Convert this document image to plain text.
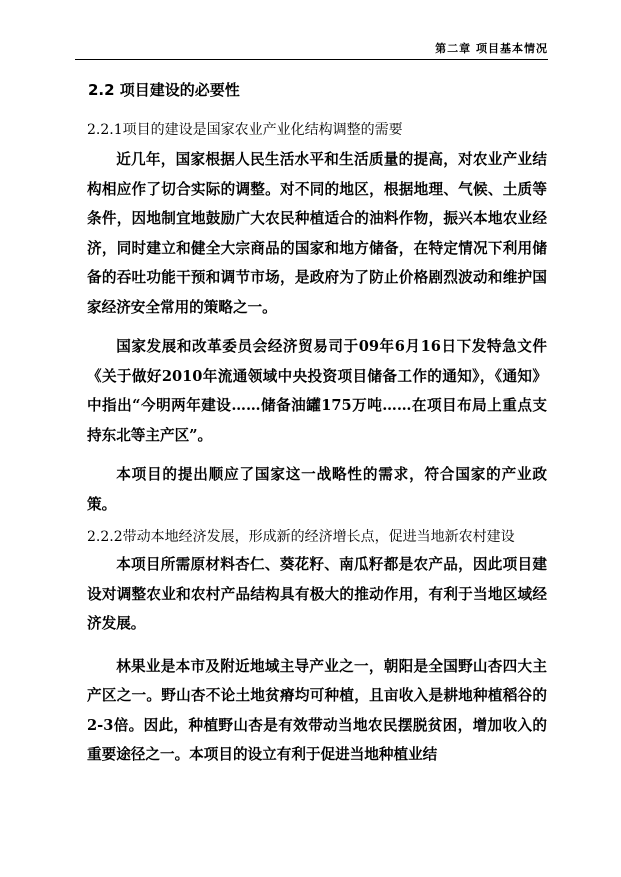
第二章 项目基本情况
2.2 项目建设的必要性
2.2.1项目的建设是国家农业产业化结构调整的需要

近几年，国家根据人民生活水平和生活质量的提高，对农业产业结构相应作了切合实际的调整。对不同的地区，根据地理、气候、土质等条件，因地制宜地鼓励广大农民种植适合的油料作物，振兴本地农业经济，同时建立和健全大宗商品的国家和地方储备，在特定情况下利用储备的吞吐功能干预和调节市场，是政府为了防止价格剧烈波动和维护国家经济安全常用的策略之一。

国家发展和改革委员会经济贸易司于09年6月16日下发特急文件《关于做好2010年流通领域中央投资项目储备工作的通知》，《通知》中指出“今明两年建设……储备油罐175万吨……在项目布局上重点支持东北等主产区”。

本项目的提出顺应了国家这一战略性的需求，符合国家的产业政策。

2.2.2带动本地经济发展，形成新的经济增长点，促进当地新农村建设

本项目所需原材料杏仁、葵花籽、南瓜籽都是农产品，因此项目建设对调整农业和农村产品结构具有极大的推动作用，有利于当地区域经济发展。

林果业是本市及附近地域主导产业之一，朝阳是全国野山杏四大主产区之一。野山杏不论土地贫瘠均可种植，且亩收入是耕地种植稻谷的2-3倍。因此，种植野山杏是有效带动当地农民摆脱贫困，增加收入的重要途径之一。本项目的设立有利于促进当地种植业结
